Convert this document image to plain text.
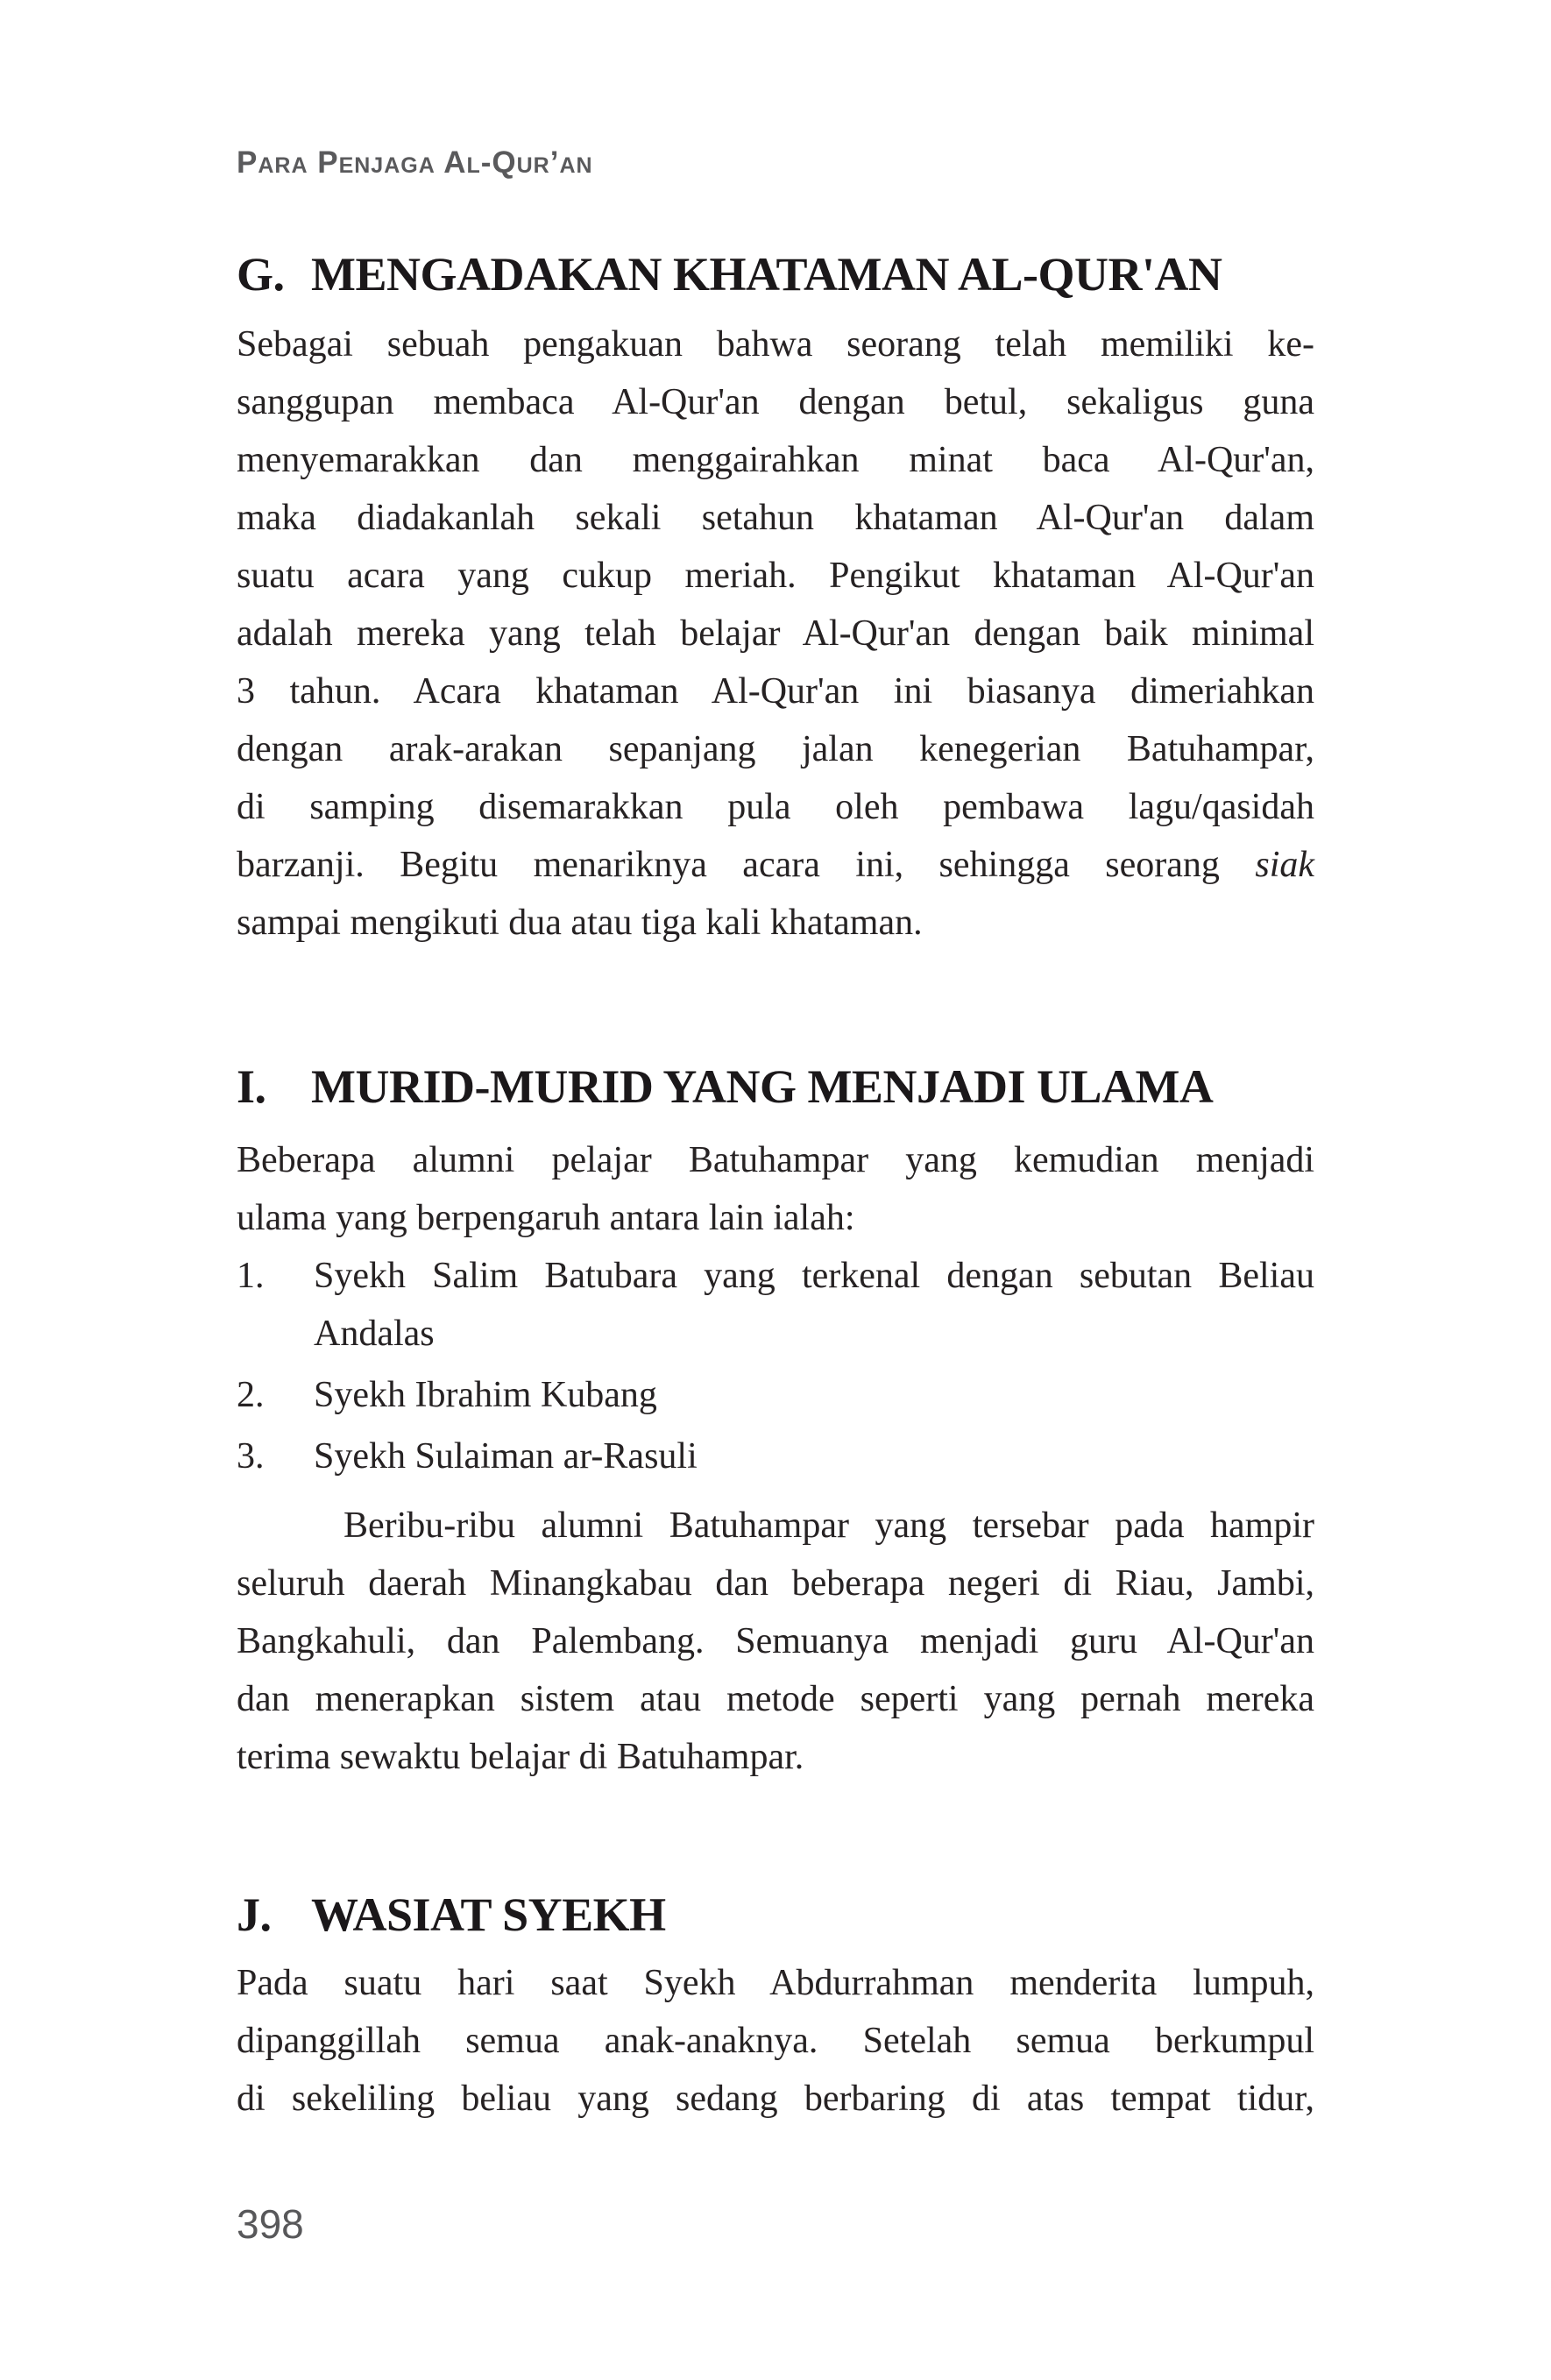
Para Penjaga Al-Qur’an
G. MENGADAKAN KHATAMAN AL-QUR'AN
Sebagai sebuah pengakuan bahwa seorang telah memiliki ke-
sanggupan membaca Al-Qur'an dengan betul, sekaligus guna
menyemarakkan dan menggairahkan minat baca Al-Qur'an,
maka diadakanlah sekali setahun khataman Al-Qur'an dalam
suatu acara yang cukup meriah. Pengikut khataman Al-Qur'an
adalah mereka yang telah belajar Al-Qur'an dengan baik minimal
3 tahun. Acara khataman Al-Qur'an ini biasanya dimeriahkan
dengan arak-arakan sepanjang jalan kenegerian Batuhampar,
di samping disemarakkan pula oleh pembawa lagu/qasidah
barzanji. Begitu menariknya acara ini, sehingga seorang siak
sampai mengikuti dua atau tiga kali khataman.
I. MURID-MURID YANG MENJADI ULAMA
Beberapa alumni pelajar Batuhampar yang kemudian menjadi
ulama yang berpengaruh antara lain ialah:
1.	Syekh Salim Batubara yang terkenal dengan sebutan Beliau
Andalas
2.	Syekh Ibrahim Kubang
3.	Syekh Sulaiman ar-Rasuli
Beribu-ribu alumni Batuhampar yang tersebar pada hampir
seluruh daerah Minangkabau dan beberapa negeri di Riau, Jambi,
Bangkahuli, dan Palembang. Semuanya menjadi guru Al-Qur'an
dan menerapkan sistem atau metode seperti yang pernah mereka
terima sewaktu belajar di Batuhampar.
J. WASIAT SYEKH
Pada suatu hari saat Syekh Abdurrahman menderita lumpuh,
dipanggillah semua anak-anaknya. Setelah semua berkumpul
di sekeliling beliau yang sedang berbaring di atas tempat tidur,
398
